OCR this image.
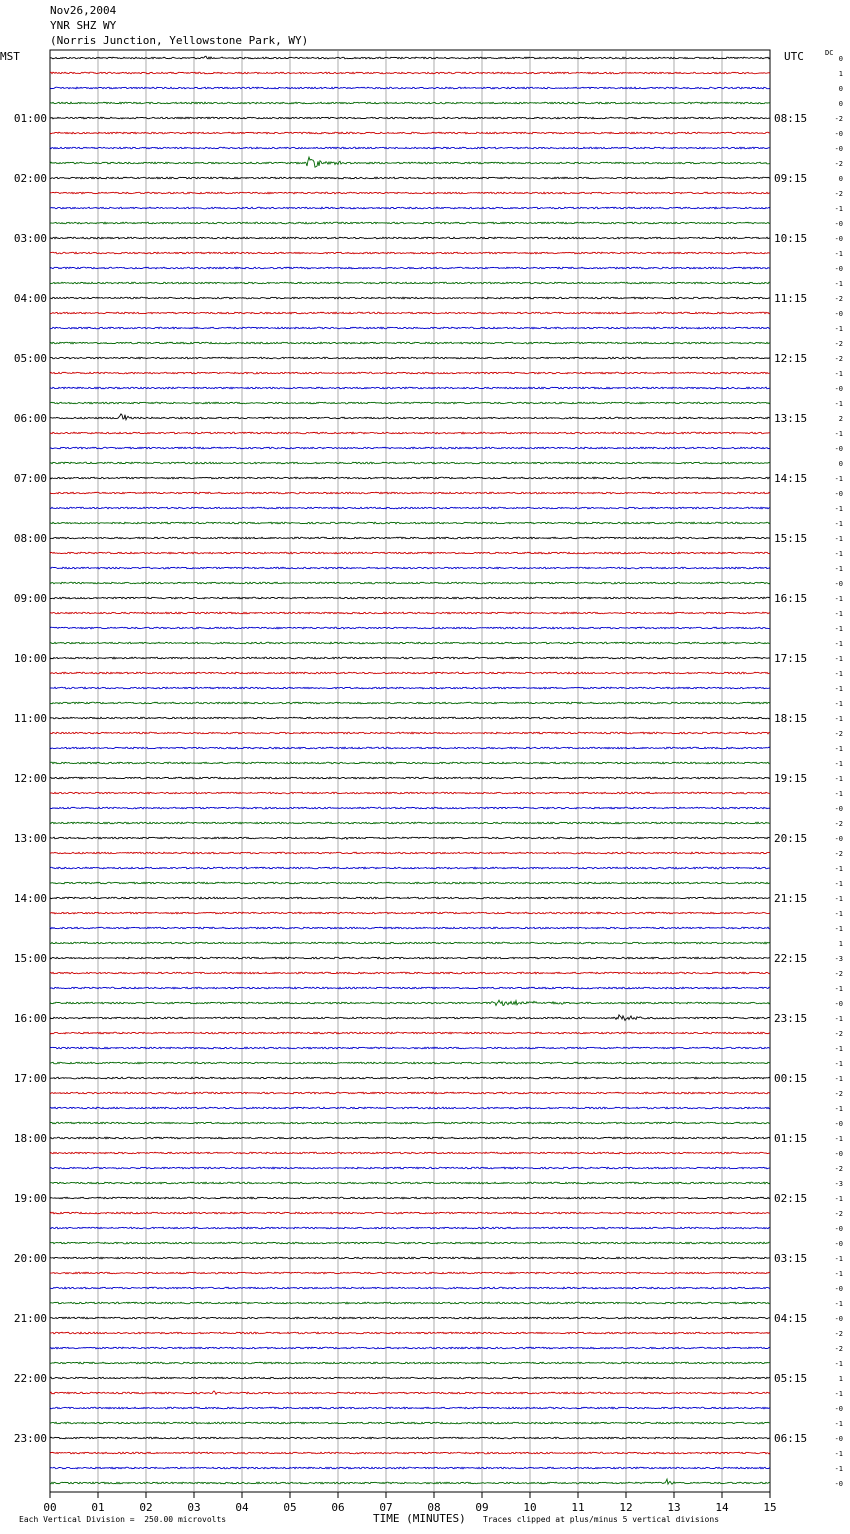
Nov26,2004
YNR SHZ WY
(Norris Junction, Yellowstone Park, WY)
MST	UTC	DC
00	01	02	03	04	05	06	07	08	09	10	11	12	13	14	15
0
1
0
0
-2
-0
-0
-2
0
-2
-1
-0
-0
-1
-0
-1
-2
-0
-1
-2
-2
-1
-0
-1
2
-1
-0
0
-1
-0
-1
-1
-1
-1
-1
-0
-1
-1
-1
-1
-1
-1
-1
-1
-1
-2
-1
-1
-1
-1
-0
-2
-0
-2
-1
-1
-1
-1
-1
1
-3
-2
-1
-0
-1
-2
-1
-1
-1
-2
-1
-0
-1
-0
-2
-3
-1
-2
-0
-0
-1
-1
-0
-1
-0
-2
-2
-1
1
-1
-0
-1
-0
-1
-1
-0
01:00	08:15
02:00	09:15
03:00	10:15
04:00	11:15
05:00	12:15
06:00	13:15
07:00	14:15
08:00	15:15
09:00	16:15
10:00	17:15
11:00	18:15
12:00	19:15
13:00	20:15
14:00	21:15
15:00	22:15
16:00	23:15
17:00	00:15
18:00	01:15
19:00	02:15
20:00	03:15
21:00	04:15
22:00	05:15
23:00	06:15
Each Vertical Division =  250.00 microvolts	TIME (MINUTES) Traces clipped at plus/minus 5 vertical divisions
